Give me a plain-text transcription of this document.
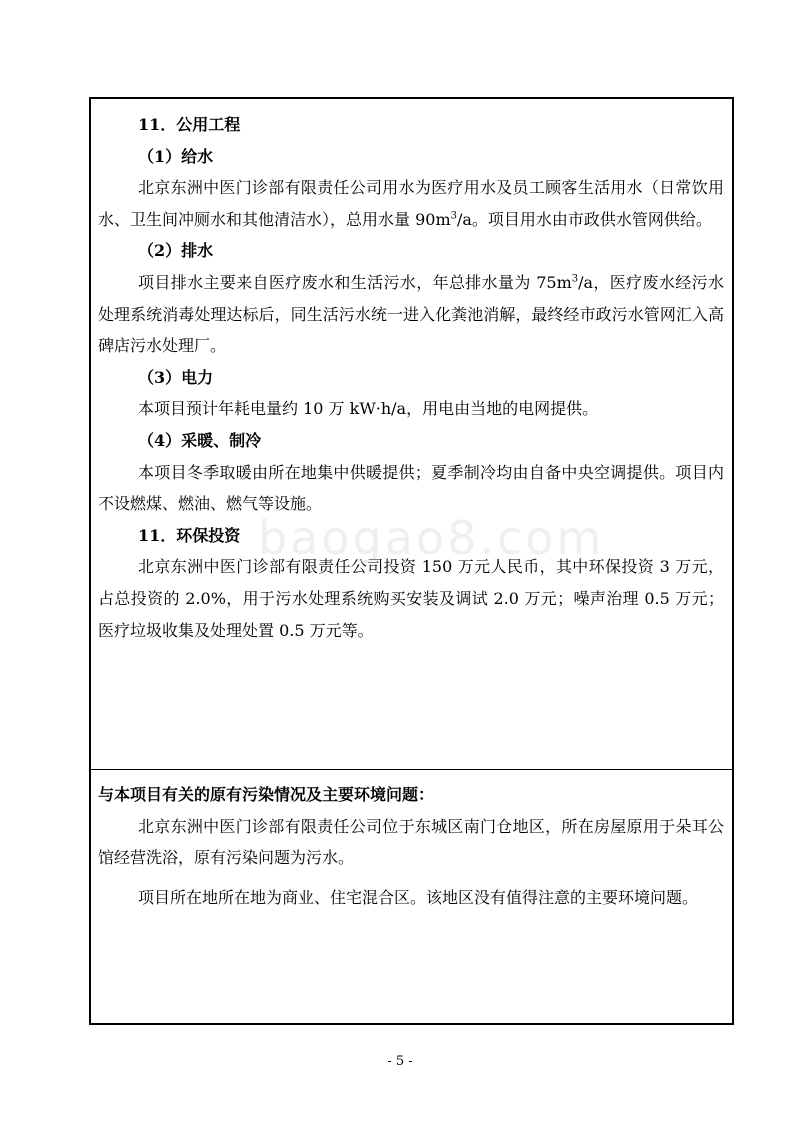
11．公用工程

（1）给水

北京东洲中医门诊部有限责任公司用水为医疗用水及员工顾客生活用水（日常饮用水、卫生间冲厕水和其他清洁水），总用水量 $90m^3/a$。项目用水由市政供水管网供给。

（2）排水

项目排水主要来自医疗废水和生活污水，年总排水量为 $75m^3/a$，医疗废水经污水处理系统消毒处理达标后，同生活污水统一进入化粪池消解，最终经市政污水管网汇入高碑店污水处理厂。

（3）电力

本项目预计年耗电量约 10 万 kW·h/a，用电由当地的电网提供。

（4）采暖、制冷

本项目冬季取暖由所在地集中供暖提供；夏季制冷均由自备中央空调提供。项目内不设燃煤、燃油、燃气等设施。

11．环保投资

北京东洲中医门诊部有限责任公司投资 150 万元人民币，其中环保投资 3 万元，占总投资的 2.0%，用于污水处理系统购买安装及调试 2.0 万元；噪声治理 0.5 万元；医疗垃圾收集及处理处置 0.5 万元等。

与本项目有关的原有污染情况及主要环境问题：

北京东洲中医门诊部有限责任公司位于东城区南门仓地区，所在房屋原用于朵耳公馆经营洗浴，原有污染问题为污水。

项目所在地所在地为商业、住宅混合区。该地区没有值得注意的主要环境问题。

baogao8.com
- 5 -
